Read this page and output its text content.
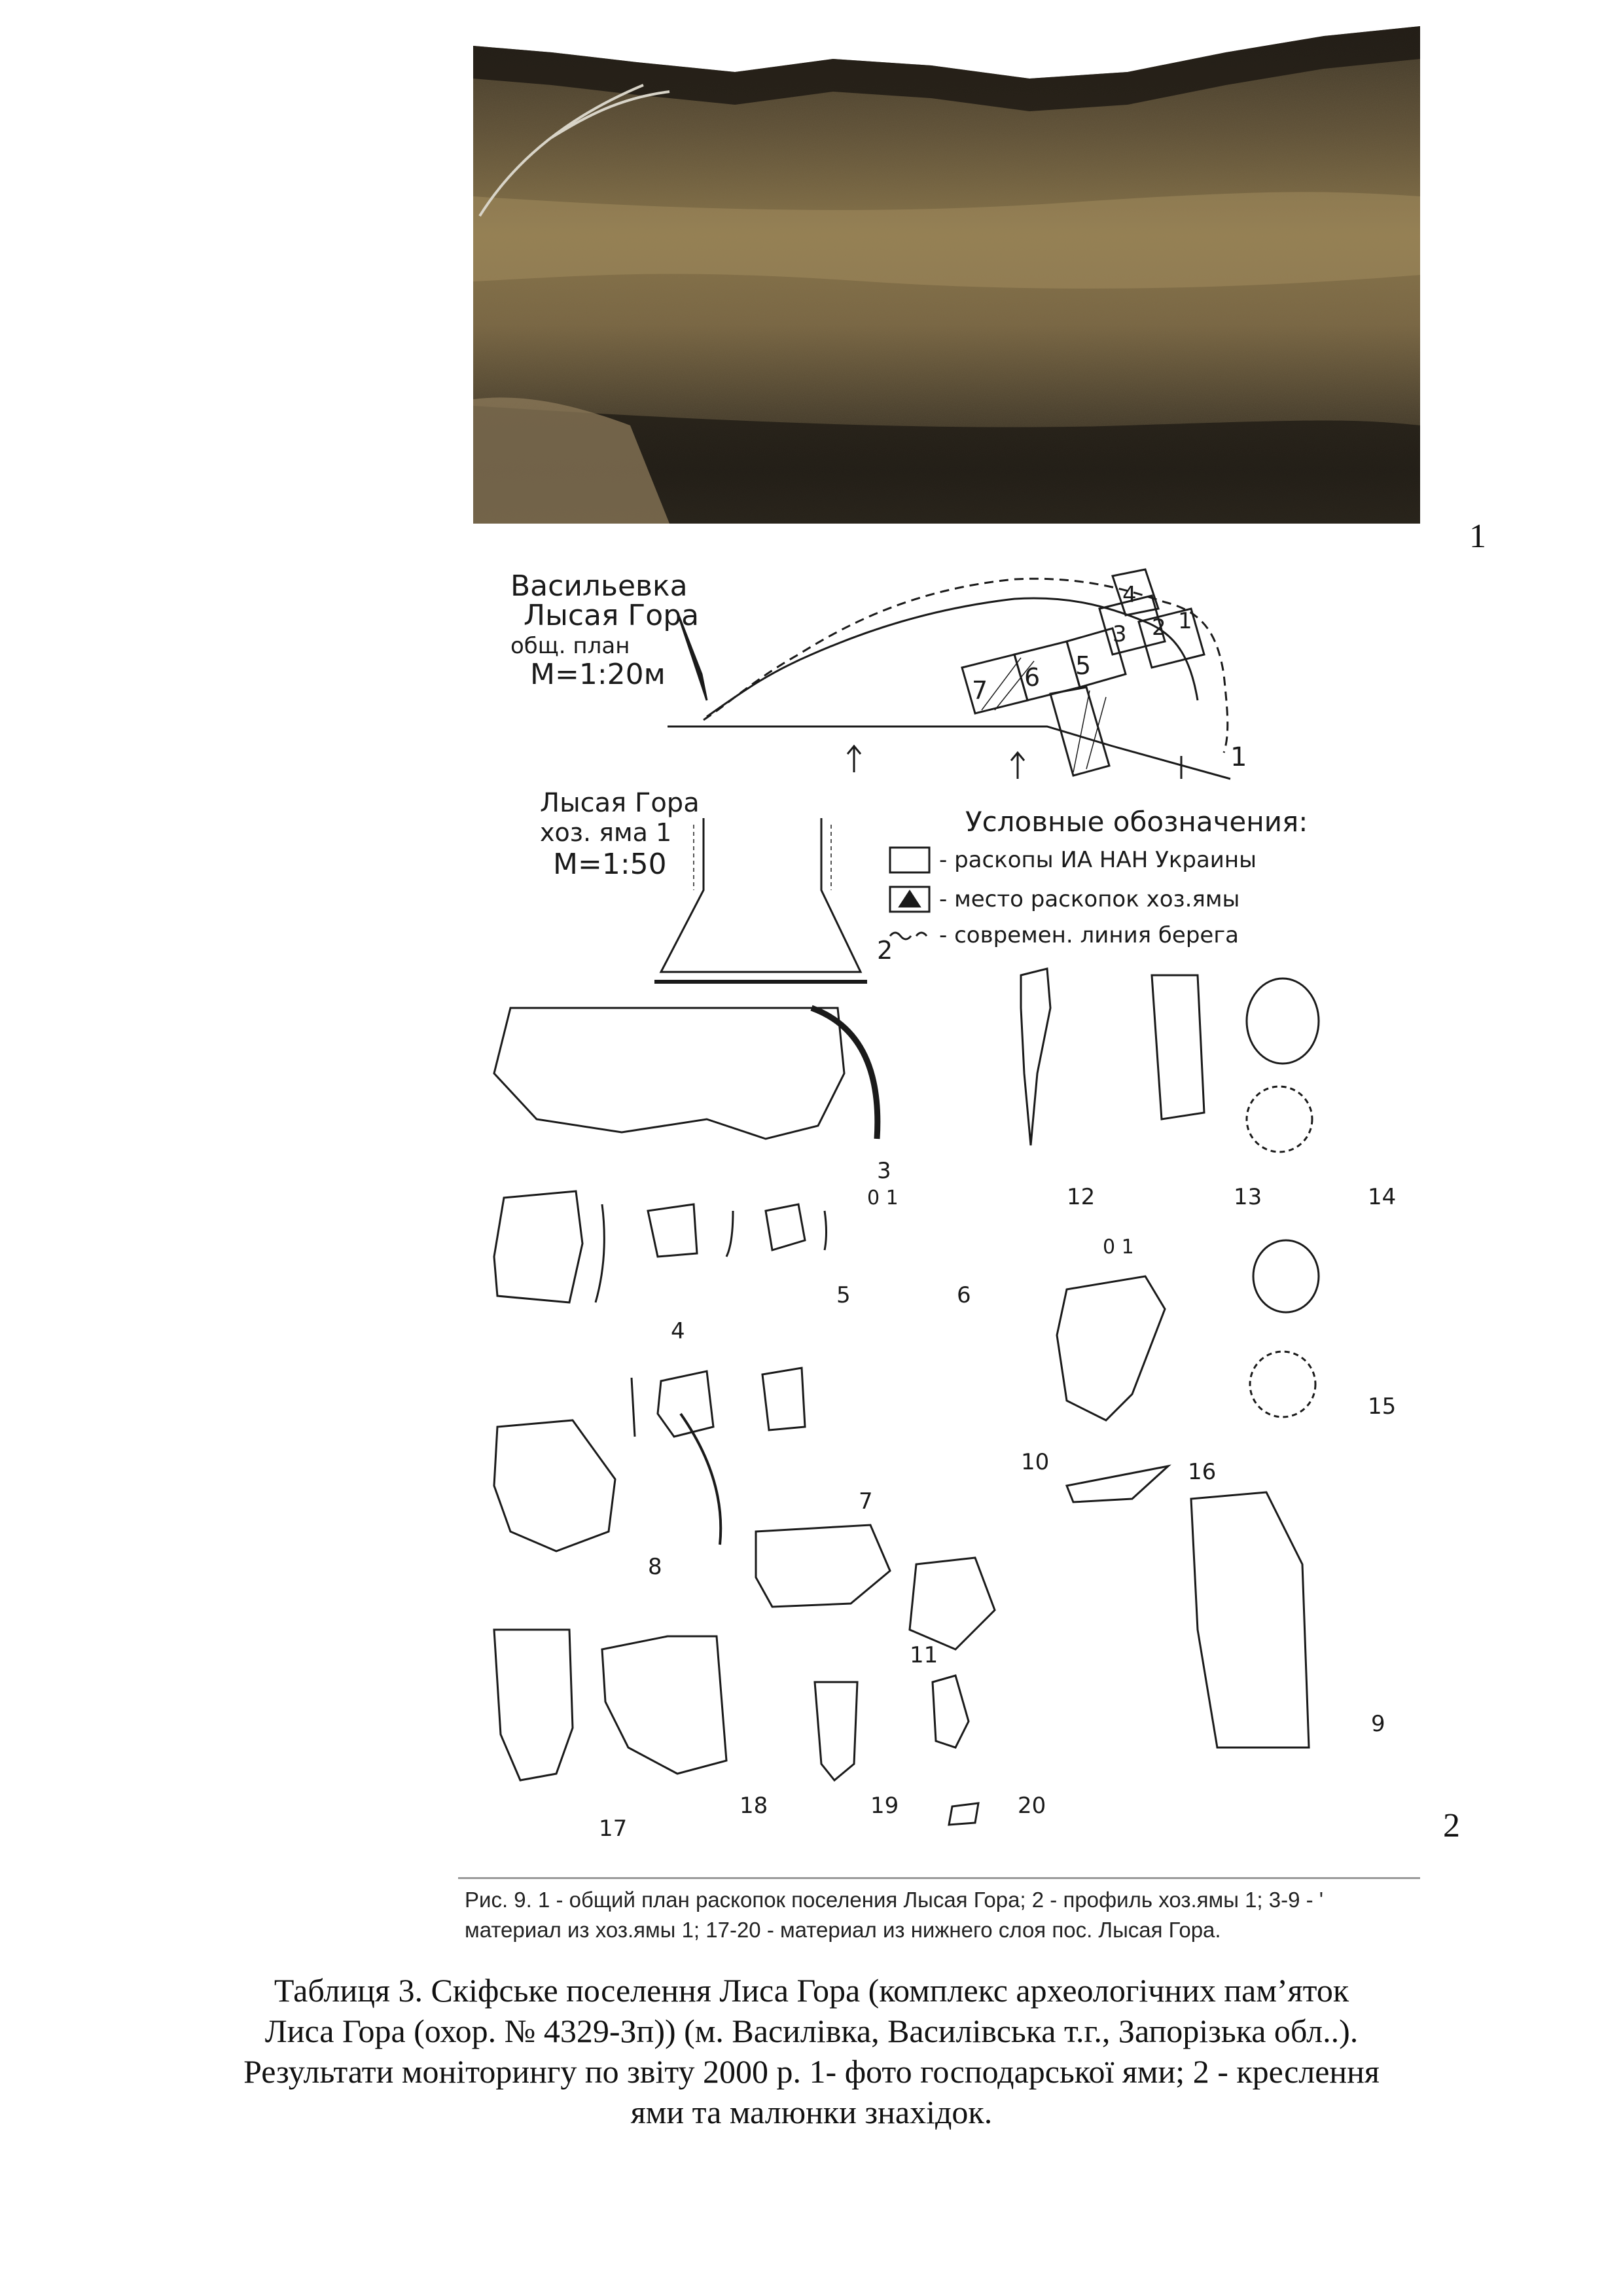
1
Васильевка
Лысая Гора
общ. план
М=1:20м
1
7 6 5
4
3 2 1
Лысая Гора
хоз. яма 1
М=1:50
2
Условные обозначения:
- раскопы ИА НАН Украины
- место раскопок хоз.ямы
- современ. линия берега
3
4
5	6
7
8
9
10
11
12	13	14
15
16
17
18	19	20
0 1
0 1
2
Рис. 9. 1 - общий план раскопок поселения Лысая Гора; 2 - профиль хоз.ямы 1; 3-9 - '
материал из хоз.ямы 1; 17-20 - материал из нижнего слоя пос. Лысая Гора.
Таблиця 3. Скіфське поселення Лиса Гора (комплекс археологічних пам’яток
Лиса Гора (охор. № 4329-Зп)) (м. Василівка, Василівська т.г., Запорізька обл..).
Результати моніторингу по звіту 2000 р. 1- фото господарської ями; 2 - креслення
ями та малюнки знахідок.
